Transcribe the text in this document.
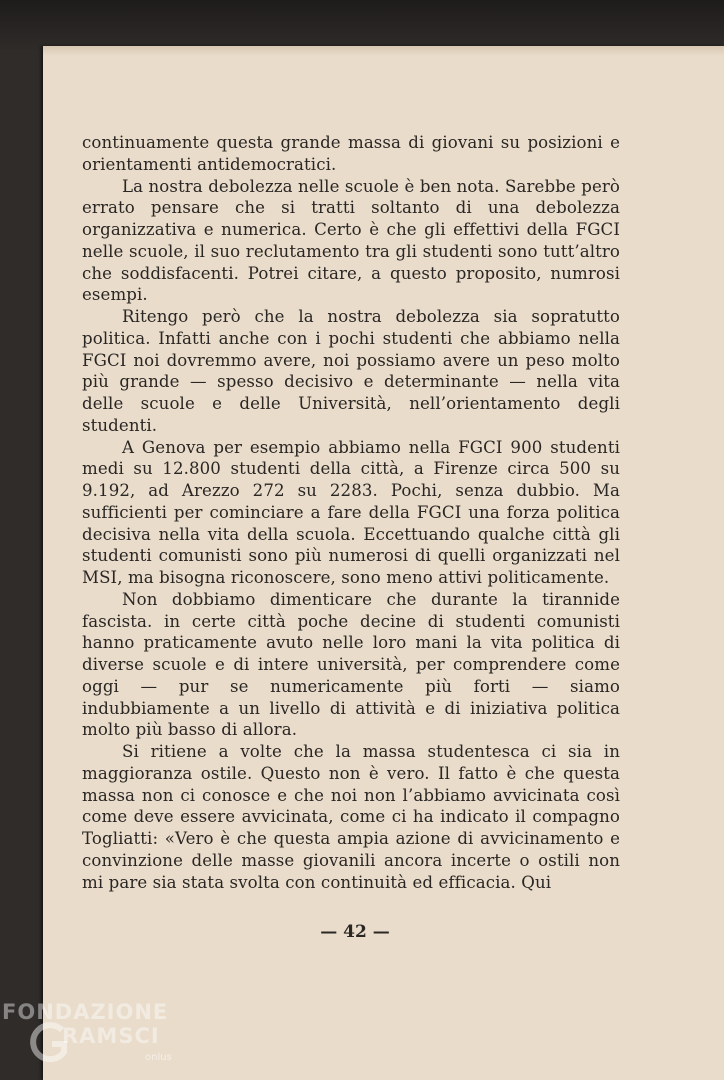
continuamente questa grande massa di giovani su posizioni e orientamenti antidemocratici.

La nostra debolezza nelle scuole è ben nota. Sarebbe però errato pensare che si tratti soltanto di una debolezza organizzativa e numerica. Certo è che gli effettivi della FGCI nelle scuole, il suo reclutamento tra gli studenti sono tutt’altro che soddisfacenti. Potrei citare, a questo proposito, numrosi esempi.

Ritengo però che la nostra debolezza sia sopratutto politica. Infatti anche con i pochi studenti che abbiamo nella FGCI noi dovremmo avere, noi possiamo avere un peso molto più grande — spesso decisivo e determinante — nella vita delle scuole e delle Università, nell’orientamento degli studenti.

A Genova per esempio abbiamo nella FGCI 900 studenti medi su 12.800 studenti della città, a Firenze circa 500 su 9.192, ad Arezzo 272 su 2283. Pochi, senza dubbio. Ma sufficienti per cominciare a fare della FGCI una forza politica decisiva nella vita della scuola. Eccettuando qualche città gli studenti comunisti sono più numerosi di quelli organizzati nel MSI, ma bisogna riconoscere, sono meno attivi politicamente.

Non dobbiamo dimenticare che durante la tirannide fascista. in certe città poche decine di studenti comunisti hanno praticamente avuto nelle loro mani la vita politica di diverse scuole e di intere università, per comprendere come oggi — pur se numericamente più forti — siamo indubbiamente a un livello di attività e di iniziativa politica molto più basso di allora.

Si ritiene a volte che la massa studentesca ci sia in maggioranza ostile. Questo non è vero. Il fatto è che questa massa non ci conosce e che noi non l’abbiamo avvicinata così come deve essere avvicinata, come ci ha indicato il compagno Togliatti: «Vero è che questa ampia azione di avvicinamento e convinzione delle masse giovanili ancora incerte o ostili non mi pare sia stata svolta con continuità ed efficacia. Qui

— 42 —
FONDAZIONE
RAMSCI
onlus
